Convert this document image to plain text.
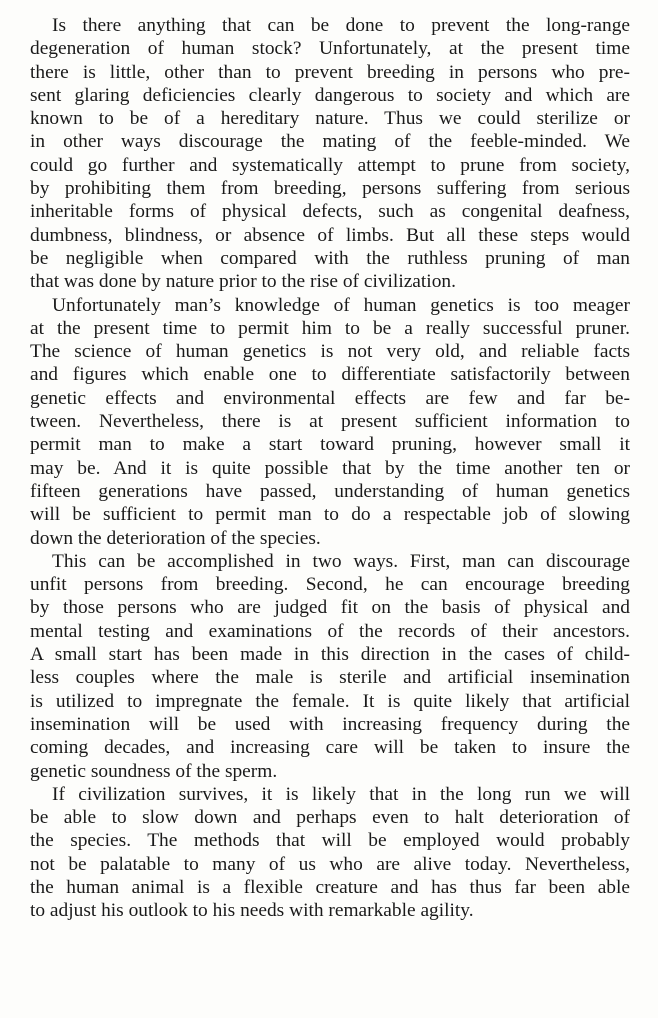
Is there anything that can be done to prevent the long-range
degeneration of human stock? Unfortunately, at the present time
there is little, other than to prevent breeding in persons who pre-
sent glaring deficiencies clearly dangerous to society and which are
known to be of a hereditary nature. Thus we could sterilize or
in other ways discourage the mating of the feeble-minded. We
could go further and systematically attempt to prune from society,
by prohibiting them from breeding, persons suffering from serious
inheritable forms of physical defects, such as congenital deafness,
dumbness, blindness, or absence of limbs. But all these steps would
be negligible when compared with the ruthless pruning of man
that was done by nature prior to the rise of civilization.
Unfortunately man’s knowledge of human genetics is too meager
at the present time to permit him to be a really successful pruner.
The science of human genetics is not very old, and reliable facts
and figures which enable one to differentiate satisfactorily between
genetic effects and environmental effects are few and far be-
tween. Nevertheless, there is at present sufficient information to
permit man to make a start toward pruning, however small it
may be. And it is quite possible that by the time another ten or
fifteen generations have passed, understanding of human genetics
will be sufficient to permit man to do a respectable job of slowing
down the deterioration of the species.
This can be accomplished in two ways. First, man can discourage
unfit persons from breeding. Second, he can encourage breeding
by those persons who are judged fit on the basis of physical and
mental testing and examinations of the records of their ancestors.
A small start has been made in this direction in the cases of child-
less couples where the male is sterile and artificial insemination
is utilized to impregnate the female. It is quite likely that artificial
insemination will be used with increasing frequency during the
coming decades, and increasing care will be taken to insure the
genetic soundness of the sperm.
If civilization survives, it is likely that in the long run we will
be able to slow down and perhaps even to halt deterioration of
the species. The methods that will be employed would probably
not be palatable to many of us who are alive today. Nevertheless,
the human animal is a flexible creature and has thus far been able
to adjust his outlook to his needs with remarkable agility.
